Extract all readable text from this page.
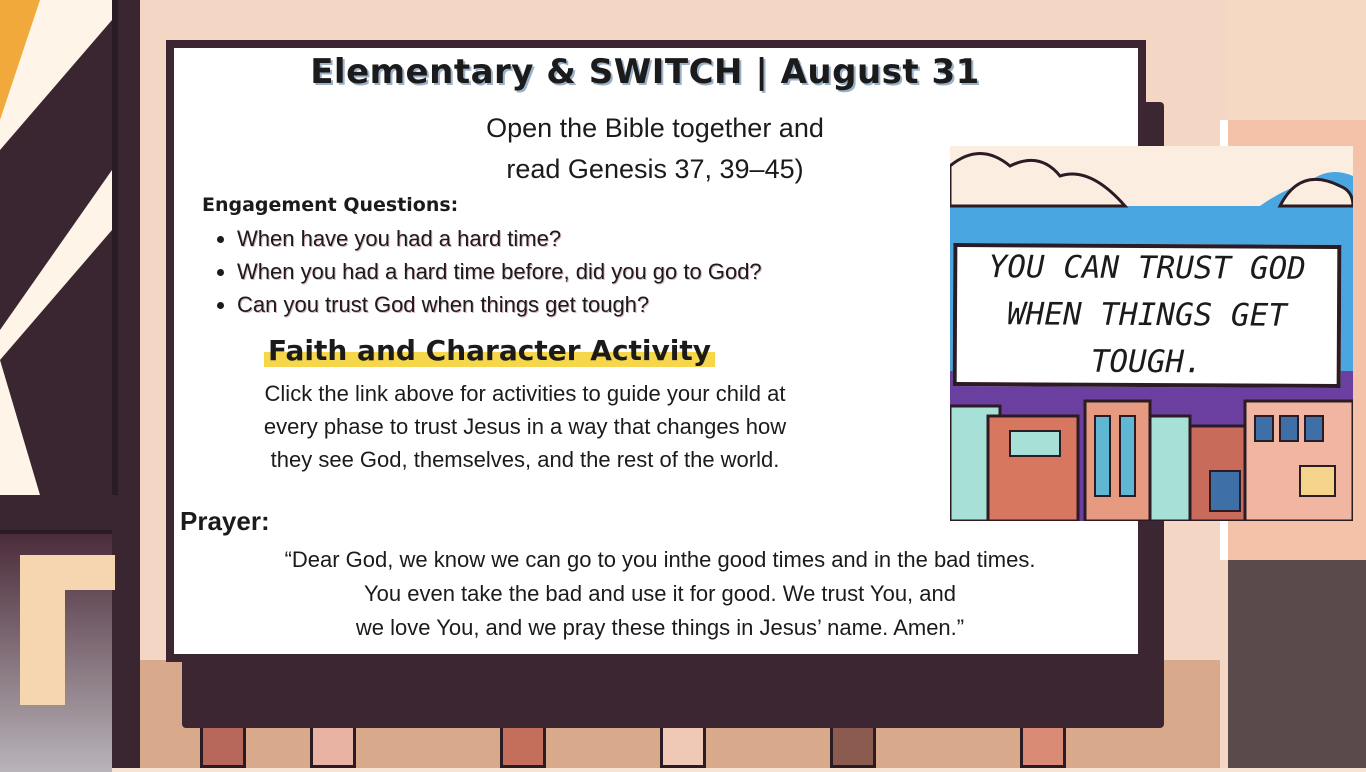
Elementary & SWITCH | August 31
Open the Bible together and
read Genesis 37, 39–45)
Engagement Questions:
• When have you had a hard time?
• When you had a hard time before, did you go to God?
• Can you trust God when things get tough?
Faith and Character Activity
Click the link above for activities to guide your child at
every phase to trust Jesus in a way that changes how
they see God, themselves, and the rest of the world.
Prayer:
“Dear God, we know we can go to you inthe good times and in the bad times.
You even take the bad and use it for good. We trust You, and
we love You, and we pray these things in Jesus’ name. Amen.”
YOU CAN TRUST GOD
WHEN THINGS GET TOUGH.
